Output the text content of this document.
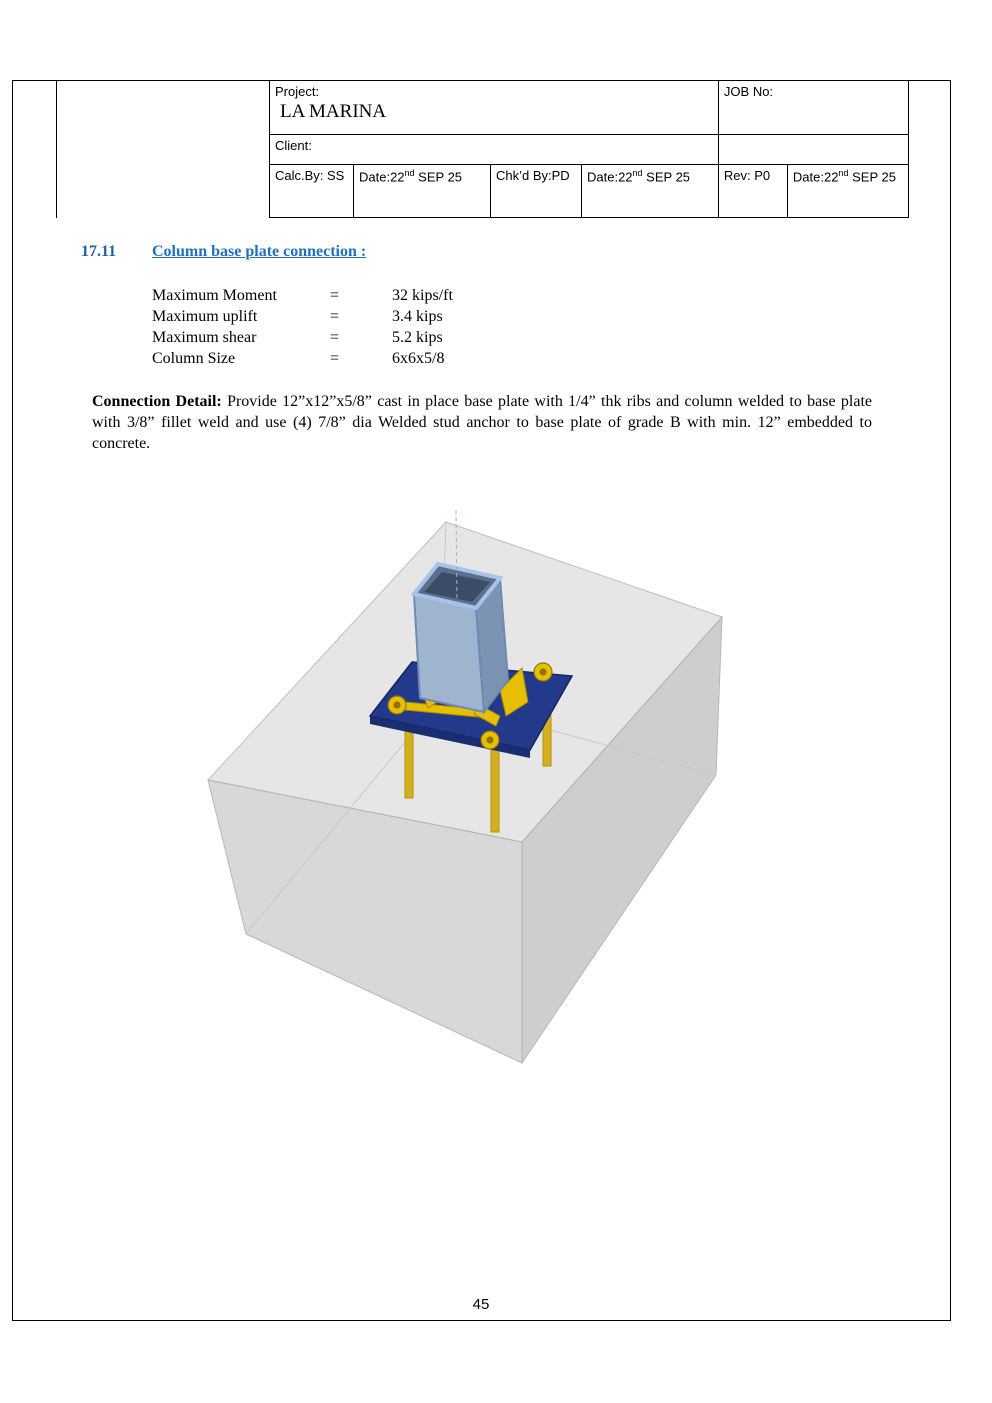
Project:
LA MARINA				JOB No:	
Client:					
Calc.By: SS	Date:22nd SEP 25	Chk’d By:PD	Date:22nd SEP 25	Rev: P0	Date:22nd SEP 25
17.11 Column base plate connection :
Maximum Moment	=	32 kips/ft
Maximum uplift	=	3.4 kips
Maximum shear	=	5.2 kips
Column Size	=	6x6x5/8
Connection Detail: Provide 12”x12”x5/8” cast in place base plate with 1/4” thk ribs and column welded to base plate with 3/8” fillet weld and use (4) 7/8” dia Welded stud anchor to base plate of grade B with min. 12” embedded to concrete.
45
